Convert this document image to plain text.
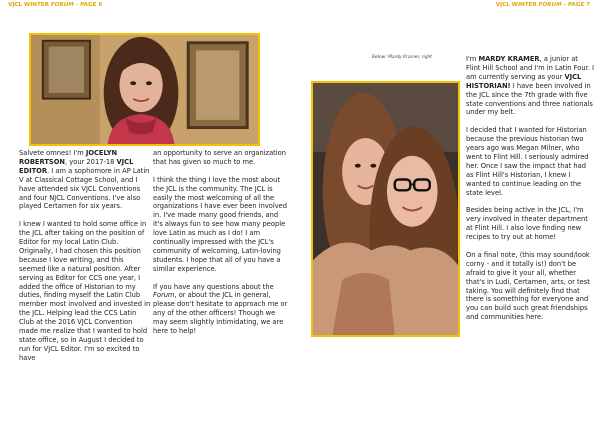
VJCL WINTER FORUM - PAGE 6	VJCL WINTER FORUM - PAGE 7

Salvete omnes! I'm JOCELYN ROBERTSON, your 2017-18 VJCL EDITOR. I am a sophomore in AP Latin V at Classical Cottage School, and I have attended six VJCL Conventions and four NJCL Conventions. I've also played Certamen for six years.

I knew I wanted to hold some office in the JCL after taking on the position of Editor for my local Latin Club. Originally, I had chosen this position because I love writing, and this seemed like a natural position. After serving as Editor for CCS one year, I added the office of Historian to my duties, finding myself the Latin Club member most involved and invested in the JCL. Helping lead the CCS Latin Club at the 2016 VJCL Convention made me realize that I wanted to hold state office, so in August I decided to run for VJCL Editor. I'm so excited to have

an opportunity to serve an organization that has given so much to me.

I think the thing I love the most about the JCL is the community. The JCL is easily the most welcoming of all the organizations I have ever been involved in. I've made many good friends, and it's always fun to see how many people love Latin as much as I do! I am continually impressed with the JCL's community of welcoming, Latin-loving students. I hope that all of you have a similar experience.

If you have any questions about the Forum, or about the JCL in general, please don't hesitate to approach me or any of the other officers! Though we may seem slightly intimidating, we are here to help!

Below: Mardy Kramer, right	I'm MARDY KRAMER, a junior at Flint Hill School and I'm in Latin Four. I am currently serving as your VJCL HISTORIAN! I have been involved in the JCL since the 7th grade with five state conventions and three nationals under my belt.

I decided that I wanted for Historian because the previous historian two years ago was Megan Milner, who went to Flint Hill. I seriously admired her. Once I saw the impact that had as Flint Hill's Historian, I knew I wanted to continue leading on the state level.

Besides being active in the JCL, I'm very involved in theater department at Flint Hill. I also love finding new recipes to try out at home!

On a final note, (this may sound/look corny - and it totally is!) don't be afraid to give it your all, whether that's in Ludi, Certamen, arts, or test taking. You will definitely find that there is something for everyone and you can build such great friendships and communities here.
